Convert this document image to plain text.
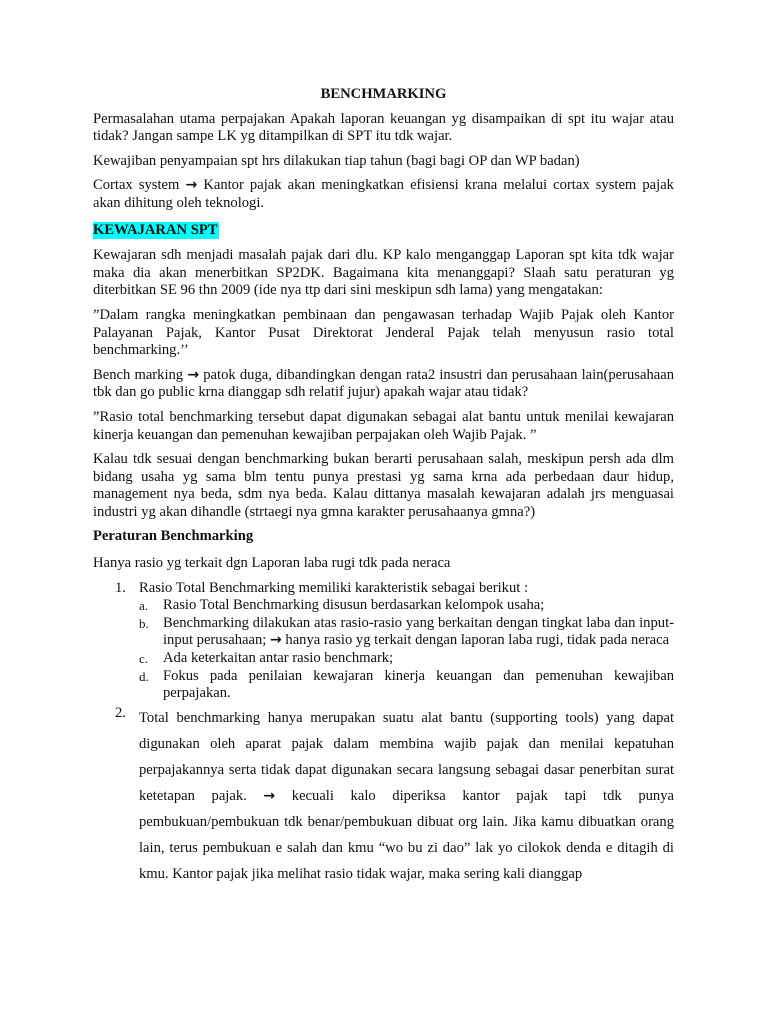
BENCHMARKING

Permasalahan utama perpajakan Apakah laporan keuangan yg disampaikan di spt itu wajar atau tidak? Jangan sampe LK yg ditampilkan di SPT itu tdk wajar.

Kewajiban penyampaian spt hrs dilakukan tiap tahun (bagi bagi OP dan WP badan)

Cortax system → Kantor pajak akan meningkatkan efisiensi krana melalui cortax system pajak akan dihitung oleh teknologi.

KEWAJARAN SPT

Kewajaran sdh menjadi masalah pajak dari dlu. KP kalo menganggap Laporan spt kita tdk wajar maka dia akan menerbitkan SP2DK. Bagaimana kita menanggapi? Slaah satu peraturan yg diterbitkan SE 96 thn 2009 (ide nya ttp dari sini meskipun sdh lama) yang mengatakan:

”Dalam rangka meningkatkan pembinaan dan pengawasan terhadap Wajib Pajak oleh Kantor Palayanan Pajak, Kantor Pusat Direktorat Jenderal Pajak telah menyusun rasio total benchmarking.’’

Bench marking → patok duga, dibandingkan dengan rata2 insustri dan perusahaan lain(perusahaan tbk dan go public krna dianggap sdh relatif jujur) apakah wajar atau tidak?

”Rasio total benchmarking tersebut dapat digunakan sebagai alat bantu untuk menilai kewajaran kinerja keuangan dan pemenuhan kewajiban perpajakan oleh Wajib Pajak. ”

Kalau tdk sesuai dengan benchmarking bukan berarti perusahaan salah, meskipun persh ada dlm bidang usaha yg sama blm tentu punya prestasi yg sama krna ada perbedaan daur hidup, management nya beda, sdm nya beda. Kalau dittanya masalah kewajaran adalah jrs menguasai industri yg akan dihandle (strtaegi nya gmna karakter perusahaanya gmna?)

Peraturan Benchmarking

Hanya rasio yg terkait dgn Laporan laba rugi tdk pada neraca

1. Rasio Total Benchmarking memiliki karakteristik sebagai berikut :
a. Rasio Total Benchmarking disusun berdasarkan kelompok usaha;
b. Benchmarking dilakukan atas rasio-rasio yang berkaitan dengan tingkat laba dan input-input perusahaan; → hanya rasio yg terkait dengan laporan laba rugi, tidak pada neraca
c. Ada keterkaitan antar rasio benchmark;
d. Fokus pada penilaian kewajaran kinerja keuangan dan pemenuhan kewajiban perpajakan.
2. Total benchmarking hanya merupakan suatu alat bantu (supporting tools) yang dapat digunakan oleh aparat pajak dalam membina wajib pajak dan menilai kepatuhan perpajakannya serta tidak dapat digunakan secara langsung sebagai dasar penerbitan surat ketetapan pajak. → kecuali kalo diperiksa kantor pajak tapi tdk punya pembukuan/pembukuan tdk benar/pembukuan dibuat org lain. Jika kamu dibuatkan orang lain, terus pembukuan e salah dan kmu “wo bu zi dao” lak yo cilokok denda e ditagih di kmu. Kantor pajak jika melihat rasio tidak wajar, maka sering kali dianggap
